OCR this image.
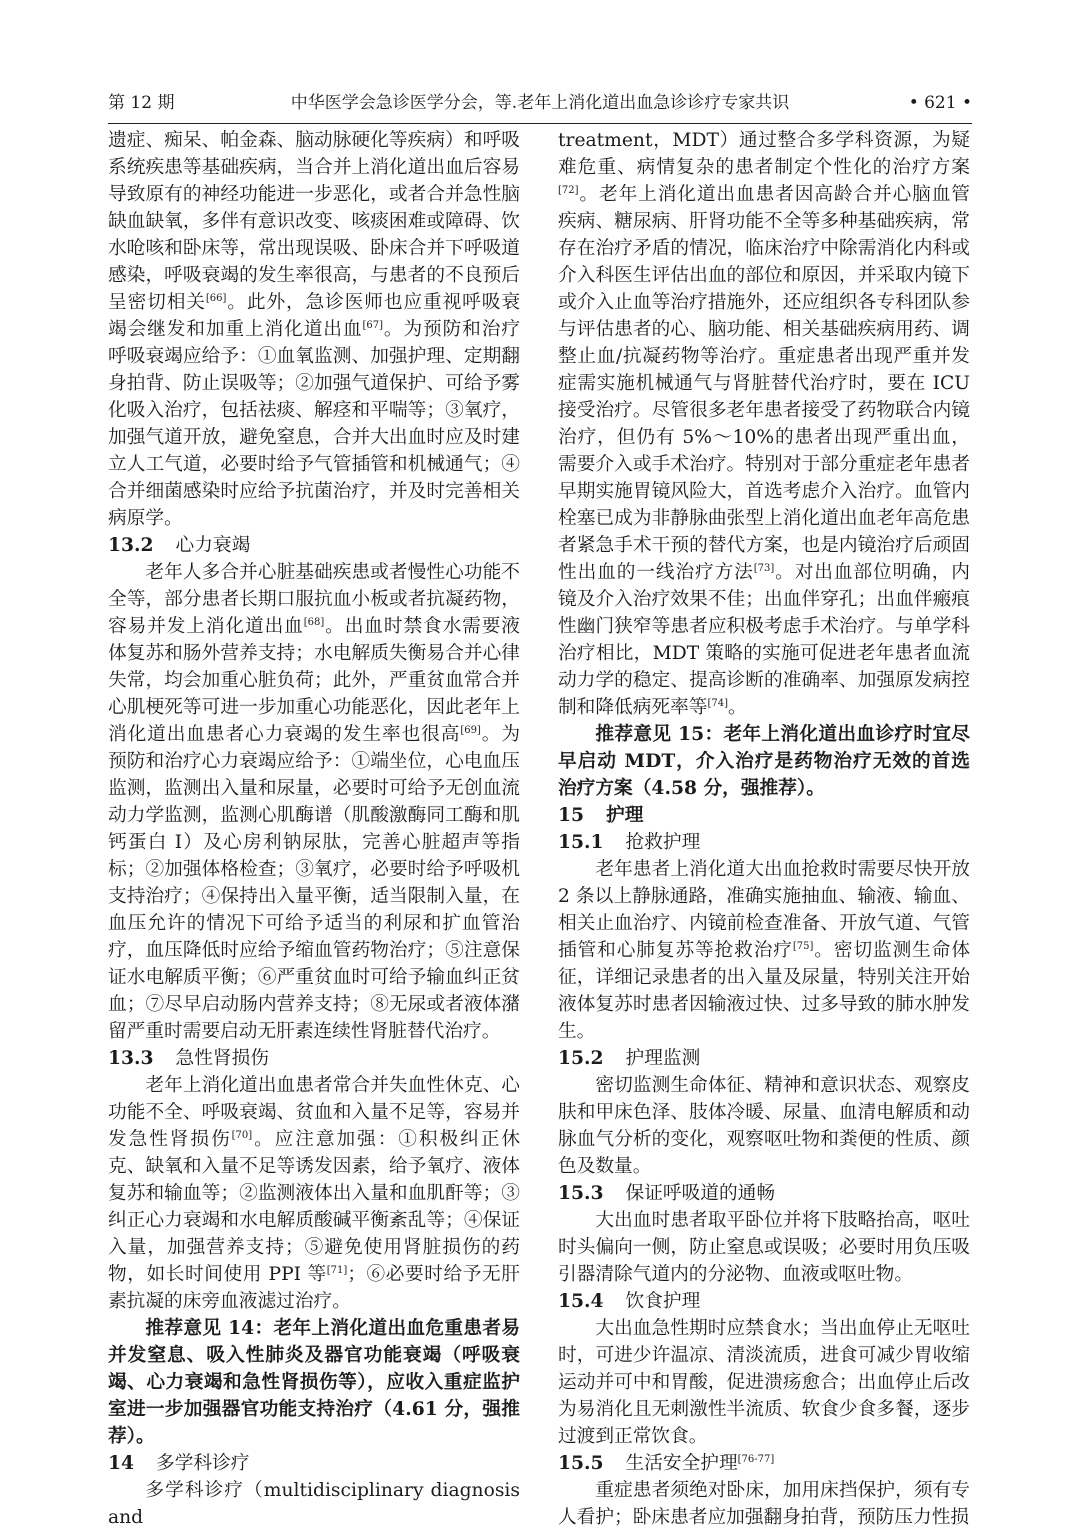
第 12 期	中华医学会急诊医学分会，等.老年上消化道出血急诊诊疗专家共识	• 621 •

遗症、痴呆、帕金森、脑动脉硬化等疾病）和呼吸系统疾患等基础疾病，当合并上消化道出血后容易导致原有的神经功能进一步恶化，或者合并急性脑缺血缺氧，多伴有意识改变、咳痰困难或障碍、饮水呛咳和卧床等，常出现误吸、卧床合并下呼吸道感染，呼吸衰竭的发生率很高，与患者的不良预后呈密切相关[66]。此外，急诊医师也应重视呼吸衰竭会继发和加重上消化道出血[67]。为预防和治疗呼吸衰竭应给予：①血氧监测、加强护理、定期翻身拍背、防止误吸等；②加强气道保护、可给予雾化吸入治疗，包括祛痰、解痉和平喘等；③氧疗，加强气道开放，避免窒息，合并大出血时应及时建立人工气道，必要时给予气管插管和机械通气；④合并细菌感染时应给予抗菌治疗，并及时完善相关病原学。

13.2 心力衰竭

老年人多合并心脏基础疾患或者慢性心功能不全等，部分患者长期口服抗血小板或者抗凝药物，容易并发上消化道出血[68]。出血时禁食水需要液体复苏和肠外营养支持；水电解质失衡易合并心律失常，均会加重心脏负荷；此外，严重贫血常合并心肌梗死等可进一步加重心功能恶化，因此老年上消化道出血患者心力衰竭的发生率也很高[69]。为预防和治疗心力衰竭应给予：①端坐位，心电血压监测，监测出入量和尿量，必要时可给予无创血流动力学监测，监测心肌酶谱（肌酸激酶同工酶和肌钙蛋白 I）及心房利钠尿肽，完善心脏超声等指标；②加强体格检查；③氧疗，必要时给予呼吸机支持治疗；④保持出入量平衡，适当限制入量，在血压允许的情况下可给予适当的利尿和扩血管治疗，血压降低时应给予缩血管药物治疗；⑤注意保证水电解质平衡；⑥严重贫血时可给予输血纠正贫血；⑦尽早启动肠内营养支持；⑧无尿或者液体潴留严重时需要启动无肝素连续性肾脏替代治疗。

13.3 急性肾损伤

老年上消化道出血患者常合并失血性休克、心功能不全、呼吸衰竭、贫血和入量不足等，容易并发急性肾损伤[70]。应注意加强：①积极纠正休克、缺氧和入量不足等诱发因素，给予氧疗、液体复苏和输血等；②监测液体出入量和血肌酐等；③纠正心力衰竭和水电解质酸碱平衡紊乱等；④保证入量，加强营养支持；⑤避免使用肾脏损伤的药物，如长时间使用 PPI 等[71]；⑥必要时给予无肝素抗凝的床旁血液滤过治疗。

推荐意见 14：老年上消化道出血危重患者易并发窒息、吸入性肺炎及器官功能衰竭（呼吸衰竭、心力衰竭和急性肾损伤等），应收入重症监护室进一步加强器官功能支持治疗（4.61 分，强推荐）。

14 多学科诊疗

多学科诊疗（multidisciplinary diagnosis and

treatment，MDT）通过整合多学科资源，为疑难危重、病情复杂的患者制定个性化的治疗方案[72]。老年上消化道出血患者因高龄合并心脑血管疾病、糖尿病、肝肾功能不全等多种基础疾病，常存在治疗矛盾的情况，临床治疗中除需消化内科或介入科医生评估出血的部位和原因，并采取内镜下或介入止血等治疗措施外，还应组织各专科团队参与评估患者的心、脑功能、相关基础疾病用药、调整止血/抗凝药物等治疗。重症患者出现严重并发症需实施机械通气与肾脏替代治疗时，要在 ICU 接受治疗。尽管很多老年患者接受了药物联合内镜治疗，但仍有 5%～10%的患者出现严重出血，需要介入或手术治疗。特别对于部分重症老年患者早期实施胃镜风险大，首选考虑介入治疗。血管内栓塞已成为非静脉曲张型上消化道出血老年高危患者紧急手术干预的替代方案，也是内镜治疗后顽固性出血的一线治疗方法[73]。对出血部位明确，内镜及介入治疗效果不佳；出血伴穿孔；出血伴瘢痕性幽门狭窄等患者应积极考虑手术治疗。与单学科治疗相比，MDT 策略的实施可促进老年患者血流动力学的稳定、提高诊断的准确率、加强原发病控制和降低病死率等[74]。

推荐意见 15：老年上消化道出血诊疗时宜尽早启动 MDT，介入治疗是药物治疗无效的首选治疗方案（4.58 分，强推荐）。

15 护理

15.1 抢救护理

老年患者上消化道大出血抢救时需要尽快开放 2 条以上静脉通路，准确实施抽血、输液、输血、相关止血治疗、内镜前检查准备、开放气道、气管插管和心肺复苏等抢救治疗[75]。密切监测生命体征，详细记录患者的出入量及尿量，特别关注开始液体复苏时患者因输液过快、过多导致的肺水肿发生。

15.2 护理监测

密切监测生命体征、精神和意识状态、观察皮肤和甲床色泽、肢体冷暖、尿量、血清电解质和动脉血气分析的变化，观察呕吐物和粪便的性质、颜色及数量。

15.3 保证呼吸道的通畅

大出血时患者取平卧位并将下肢略抬高，呕吐时头偏向一侧，防止窒息或误吸；必要时用负压吸引器清除气道内的分泌物、血液或呕吐物。

15.4 饮食护理

大出血急性期时应禁食水；当出血停止无呕吐时，可进少许温凉、清淡流质，进食可减少胃收缩运动并可中和胃酸，促进溃疡愈合；出血停止后改为易消化且无刺激性半流质、软食少食多餐，逐步过渡到正常饮食。

15.5 生活安全护理[76-77]

重症患者须绝对卧床，加用床挡保护，须有专人看护；卧床患者应加强翻身拍背，预防压力性损
